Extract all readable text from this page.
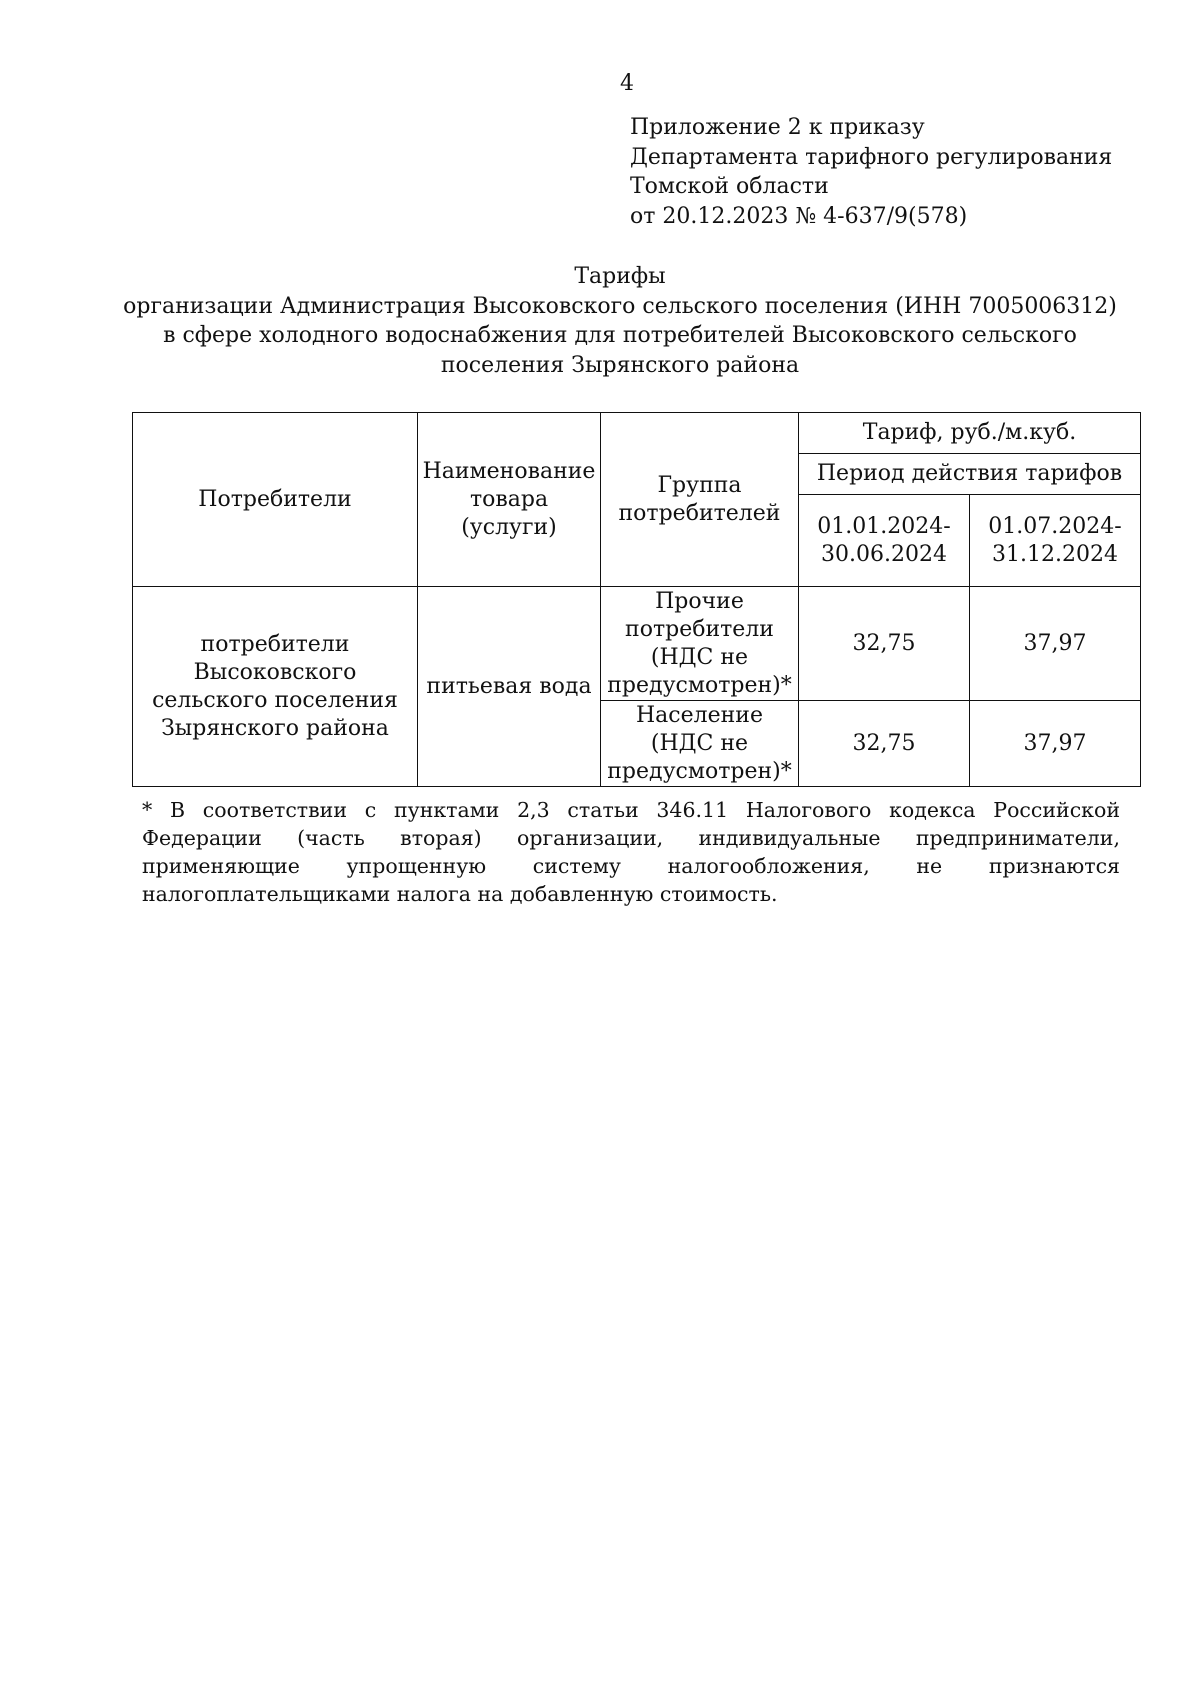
4
Приложение 2 к приказу
Департамента тарифного регулирования
Томской области
от 20.12.2023 № 4-637/9(578)
Тарифы
организации Администрация Высоковского сельского поселения (ИНН 7005006312)
в сфере холодного водоснабжения для потребителей Высоковского сельского
поселения Зырянского района
Потребители	Наименование товара (услуги)	Группа потребителей	Тариф, руб./м.куб.	
			Период действия тарифов	
			01.01.2024-30.06.2024	01.07.2024-31.12.2024
потребители Высоковского сельского поселения Зырянского района	питьевая вода	Прочие потребители (НДС не предусмотрен)*	32,75	37,97
		Население (НДС не предусмотрен)*	32,75	37,97
* В соответствии с пунктами 2,3 статьи 346.11 Налогового кодекса Российской Федерации (часть вторая) организации, индивидуальные предприниматели, применяющие упрощенную систему налогообложения, не признаются налогоплательщиками налога на добавленную стоимость.
